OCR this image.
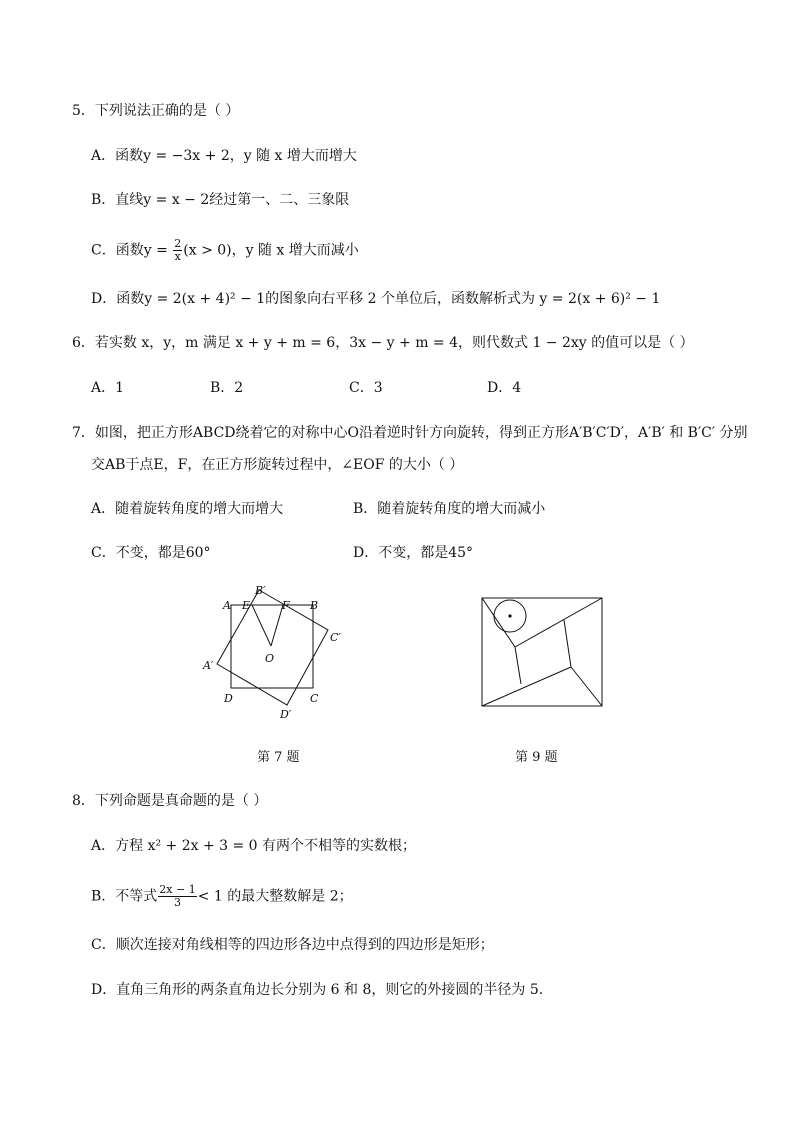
5．下列说法正确的是（ ）
A．函数y = −3x + 2，y 随 x 增大而增大
B．直线y = x − 2经过第一、二、三象限
C．函数$y = \frac{2}{x} (x > 0)$，y 随 x 增大而减小
D．函数y = 2(x + 4)² − 1的图象向右平移 2 个单位后，函数解析式为 y = 2(x + 6)² − 1
6．若实数 x，y，m 满足 x + y + m = 6，3x − y + m = 4，则代数式 1 − 2xy 的值可以是（ ）
A．1	B．2	C．3	D．4
7．如图，把正方形ABCD绕着它的对称中心O沿着逆时针方向旋转，得到正方形A′B′C′D′，A′B′ 和 B′C′ 分别
交AB于点E，F，在正方形旋转过程中，∠EOF 的大小（ ）
A．随着旋转角度的增大而增大	B．随着旋转角度的增大而减小
C．不变，都是60°	D．不变，都是45°
A E
B′
F B
C′
O
A′
D	C
D′
第 7 题	第 9 题
8．下列命题是真命题的是（ ）
A．方程 x² + 2x + 3 = 0 有两个不相等的实数根；
B．不等式 $\frac{2x - 1}{3} < 1$ 的最大整数解是 2；
C．顺次连接对角线相等的四边形各边中点得到的四边形是矩形；
D．直角三角形的两条直角边长分别为 6 和 8，则它的外接圆的半径为 5.
